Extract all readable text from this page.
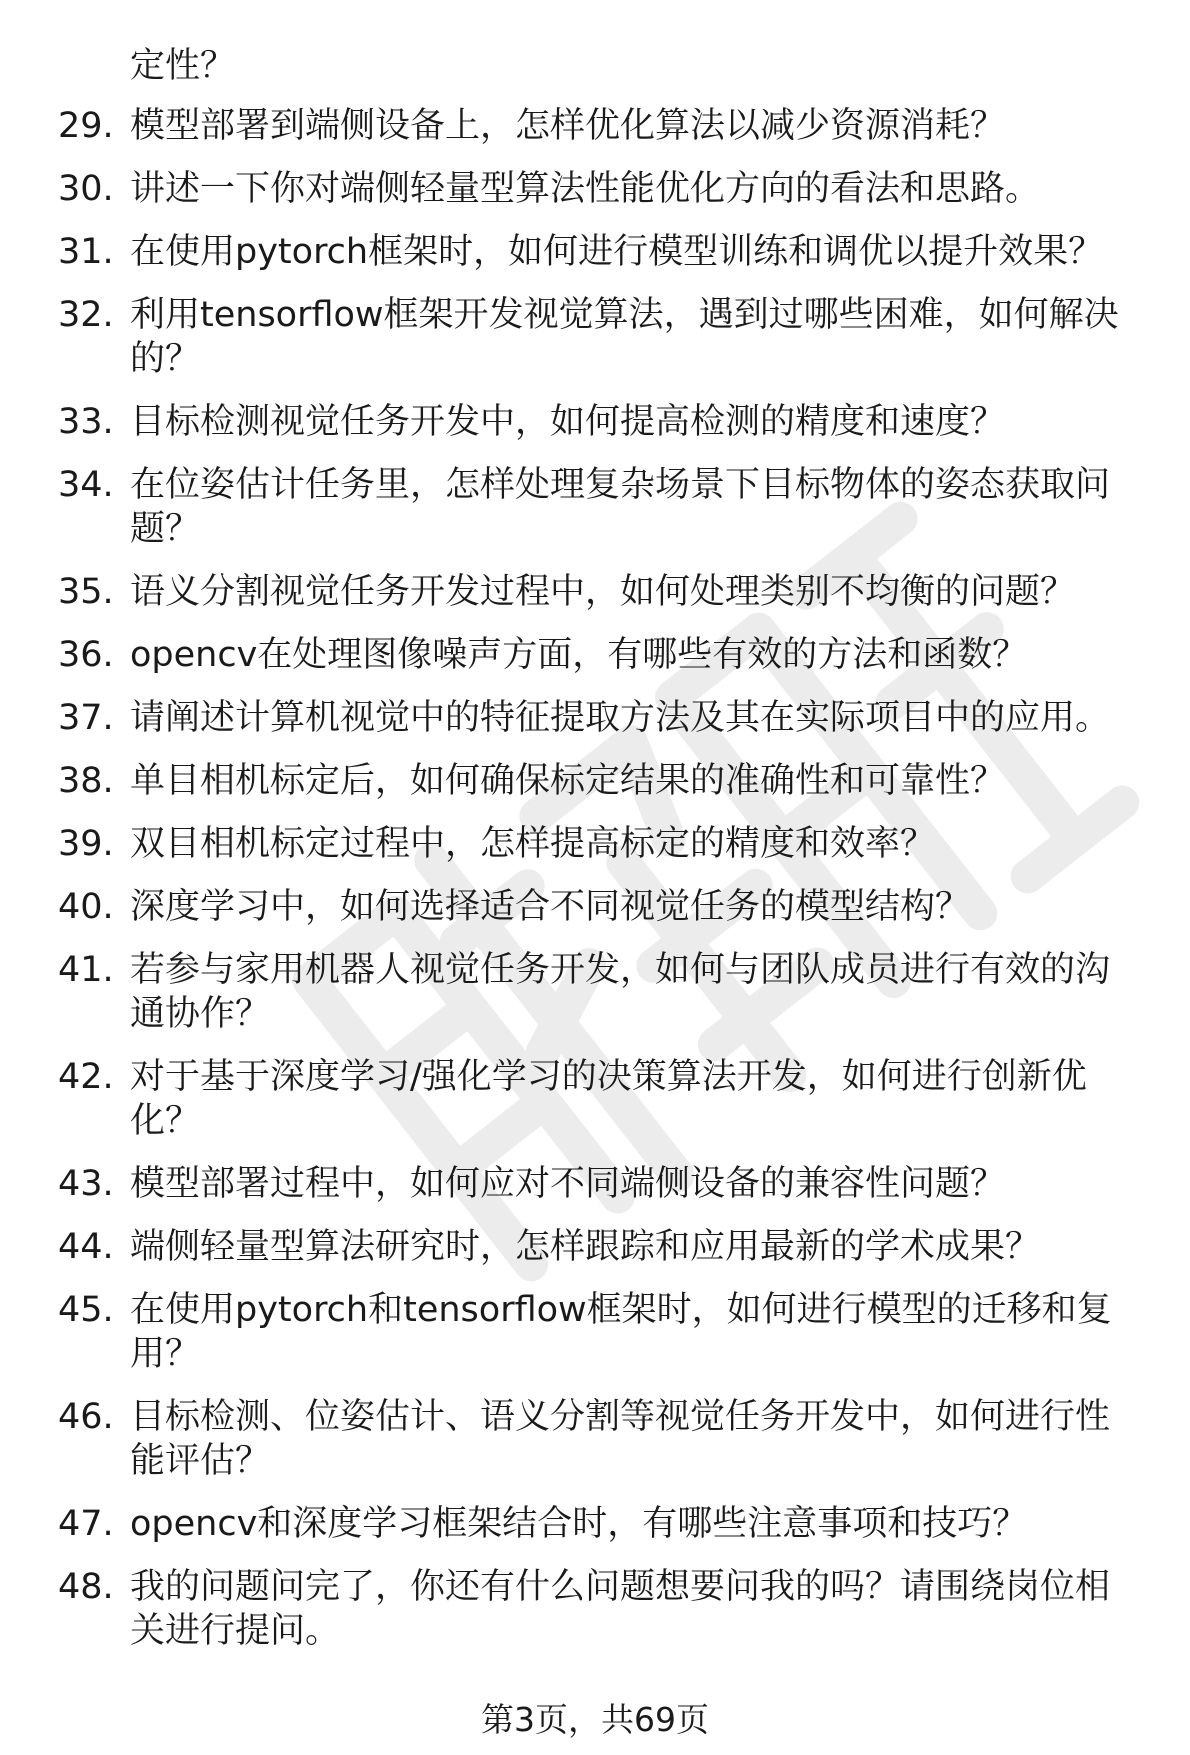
定性？
29. 模型部署到端侧设备上，怎样优化算法以减少资源消耗？
30. 讲述一下你对端侧轻量型算法性能优化方向的看法和思路。
31. 在使用pytorch框架时，如何进行模型训练和调优以提升效果？
32. 利用tensorflow框架开发视觉算法，遇到过哪些困难，如何解决
的？
33. 目标检测视觉任务开发中，如何提高检测的精度和速度？
34. 在位姿估计任务里，怎样处理复杂场景下目标物体的姿态获取问
题？
35. 语义分割视觉任务开发过程中，如何处理类别不均衡的问题？
36. opencv在处理图像噪声方面，有哪些有效的方法和函数？
37. 请阐述计算机视觉中的特征提取方法及其在实际项目中的应用。
38. 单目相机标定后，如何确保标定结果的准确性和可靠性？
39. 双目相机标定过程中，怎样提高标定的精度和效率？
40. 深度学习中，如何选择适合不同视觉任务的模型结构？
41. 若参与家用机器人视觉任务开发，如何与团队成员进行有效的沟
通协作？
42. 对于基于深度学习/强化学习的决策算法开发，如何进行创新优
化？
43. 模型部署过程中，如何应对不同端侧设备的兼容性问题？
44. 端侧轻量型算法研究时，怎样跟踪和应用最新的学术成果？
45. 在使用pytorch和tensorflow框架时，如何进行模型的迁移和复
用？
46. 目标检测、位姿估计、语义分割等视觉任务开发中，如何进行性
能评估？
47. opencv和深度学习框架结合时，有哪些注意事项和技巧？
48. 我的问题问完了，你还有什么问题想要问我的吗？请围绕岗位相
关进行提问。
第3页，共69页
